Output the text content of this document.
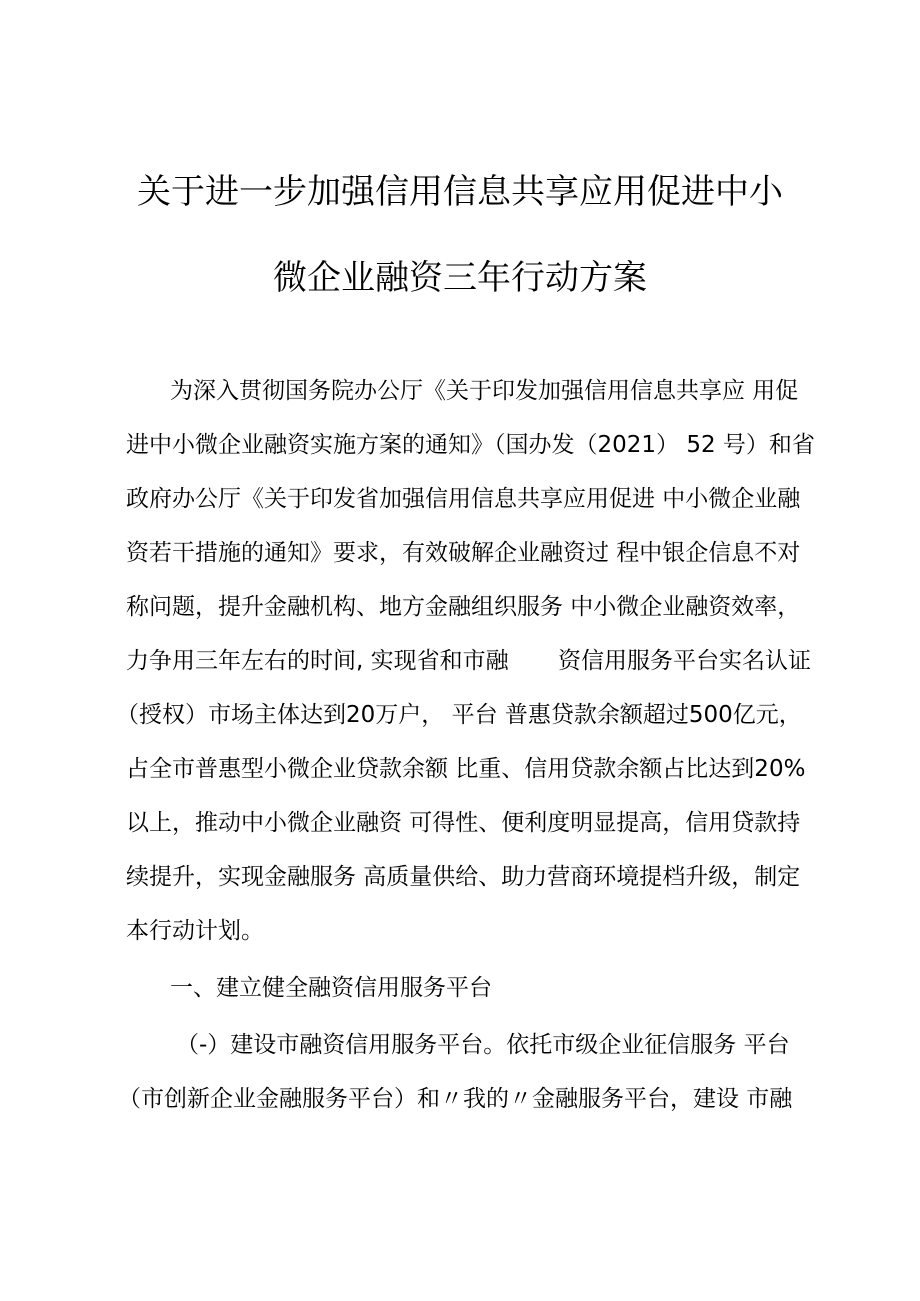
关于进一步加强信用信息共享应用促进中小
微企业融资三年行动方案
为深入贯彻国务院办公厅《关于印发加强信用信息共享应 用促
进中小微企业融资实施方案的通知》（国办发（2021） 52 号）和省
政府办公厅《关于印发省加强信用信息共享应用促进 中小微企业融
资若干措施的通知》要求，有效破解企业融资过 程中银企信息不对
称问题，提升金融机构、地方金融组织服务 中小微企业融资效率，
力争用三年左右的时间, 实现省和市融 资信用服务平台实名认证
（授权）市场主体达到20万户， 平台 普惠贷款余额超过500亿元，
占全市普惠型小微企业贷款余额 比重、信用贷款余额占比达到20%
以上，推动中小微企业融资 可得性、便利度明显提高，信用贷款持
续提升，实现金融服务 高质量供给、助力营商环境提档升级，制定
本行动计划。
一、建立健全融资信用服务平台
（-）建设市融资信用服务平台。依托市级企业征信服务 平台
（市创新企业金融服务平台）和〃我的〃金融服务平台，建设 市融
